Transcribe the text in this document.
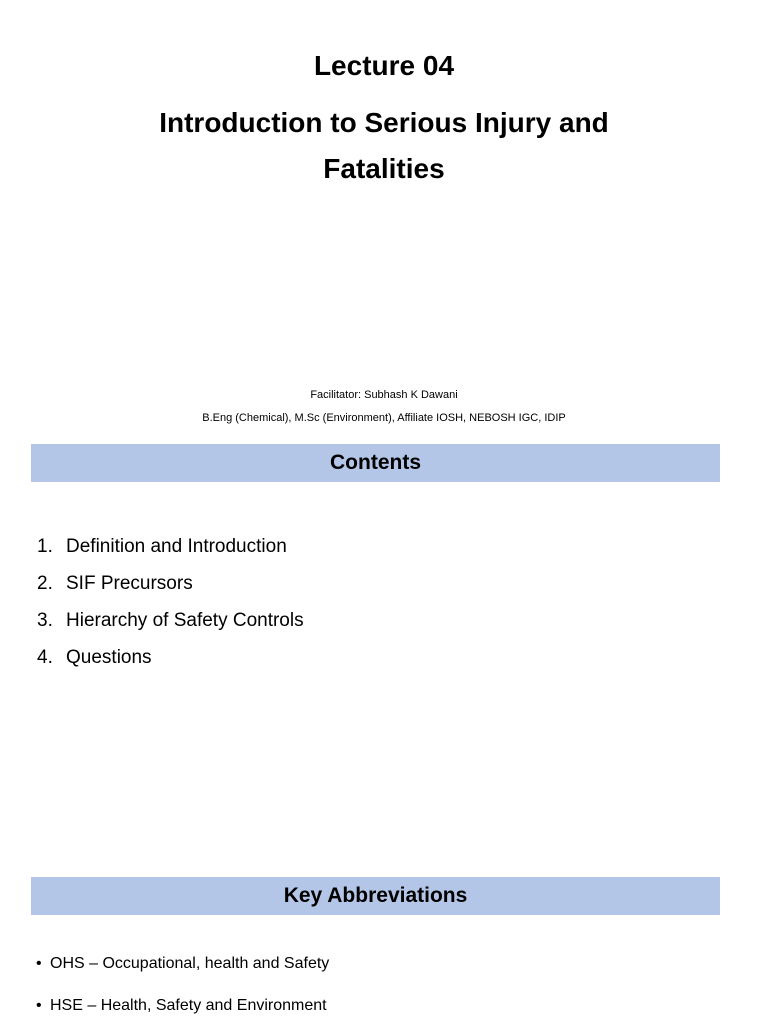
Lecture 04
Introduction to Serious Injury and
Fatalities
Facilitator: Subhash K Dawani
B.Eng (Chemical), M.Sc (Environment), Affiliate IOSH, NEBOSH IGC, IDIP
Contents
1. Definition and Introduction
2. SIF Precursors
3. Hierarchy of Safety Controls
4. Questions
Key Abbreviations
• OHS – Occupational, health and Safety
• HSE – Health, Safety and Environment
